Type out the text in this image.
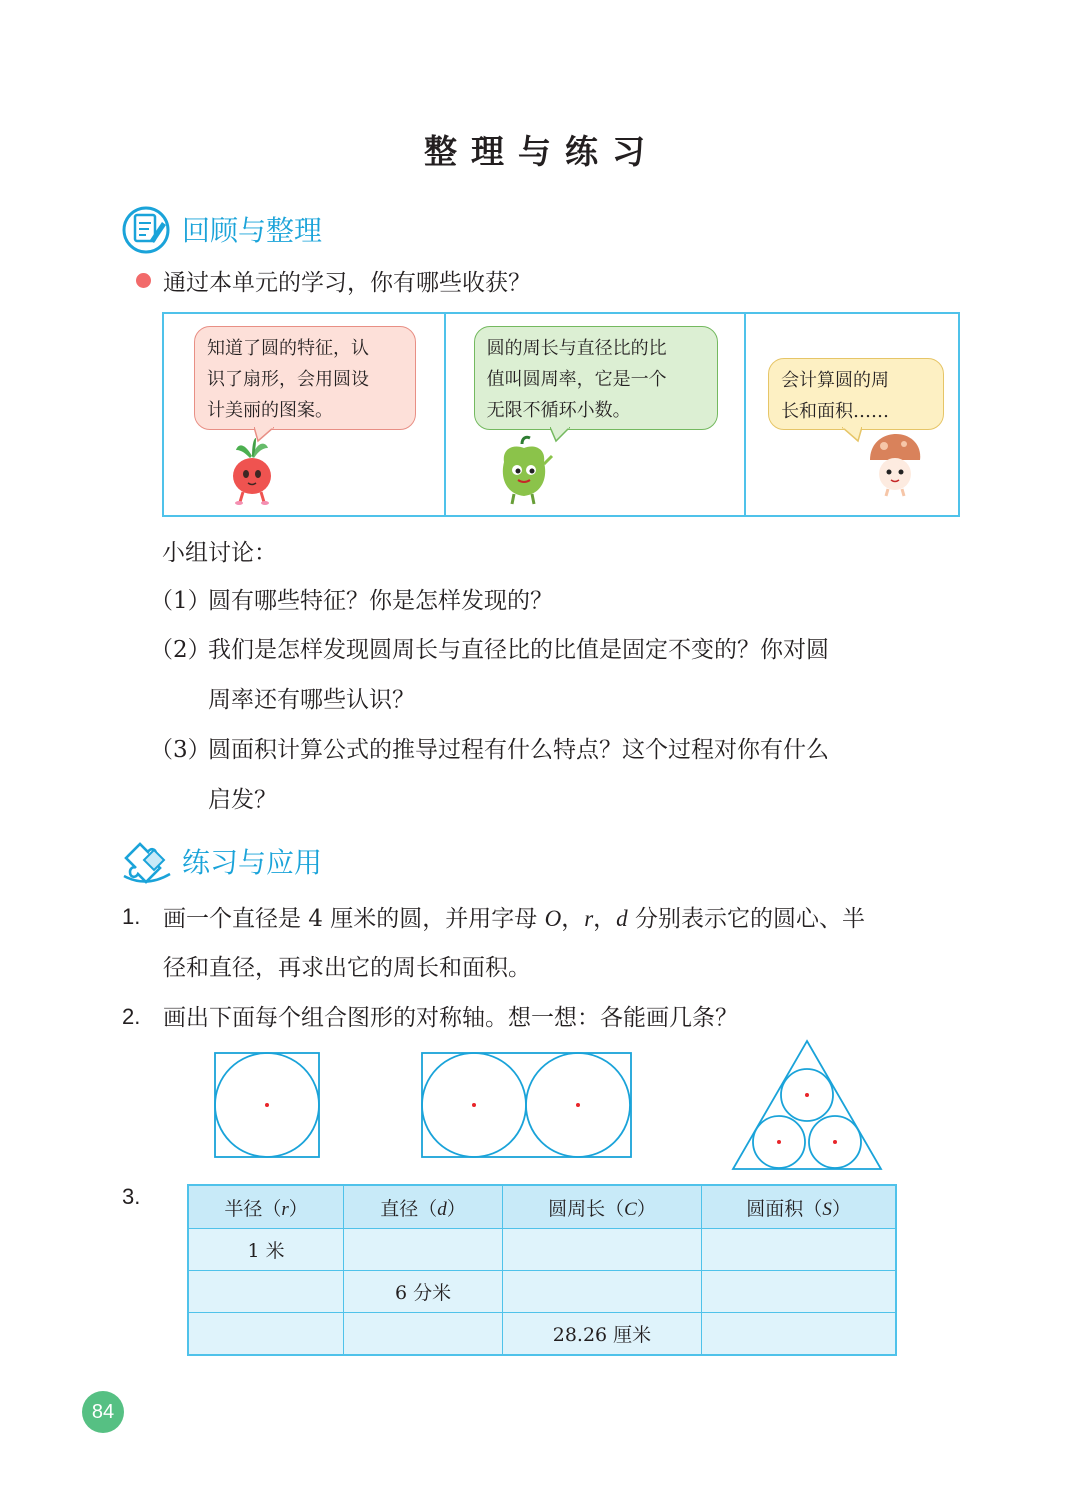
整理与练习
回顾与整理
通过本单元的学习，你有哪些收获？
知道了圆的特征，认
识了扇形，会用圆设
计美丽的图案。
圆的周长与直径比的比
值叫圆周率，它是一个
无限不循环小数。
会计算圆的周
长和面积……
小组讨论：
（1）圆有哪些特征？你是怎样发现的？
（2）我们是怎样发现圆周长与直径比的比值是固定不变的？你对圆
周率还有哪些认识？
（3）圆面积计算公式的推导过程有什么特点？这个过程对你有什么
启发？
练习与应用
1. 画一个直径是 4 厘米的圆，并用字母 O，r，d 分别表示它的圆心、半
径和直径，再求出它的周长和面积。
2. 画出下面每个组合图形的对称轴。想一想：各能画几条？
3.	半径（r）	直径（d）	圆周长（C）	圆面积（S）
1 米			
	6 分米		
		28.26 厘米	
84
